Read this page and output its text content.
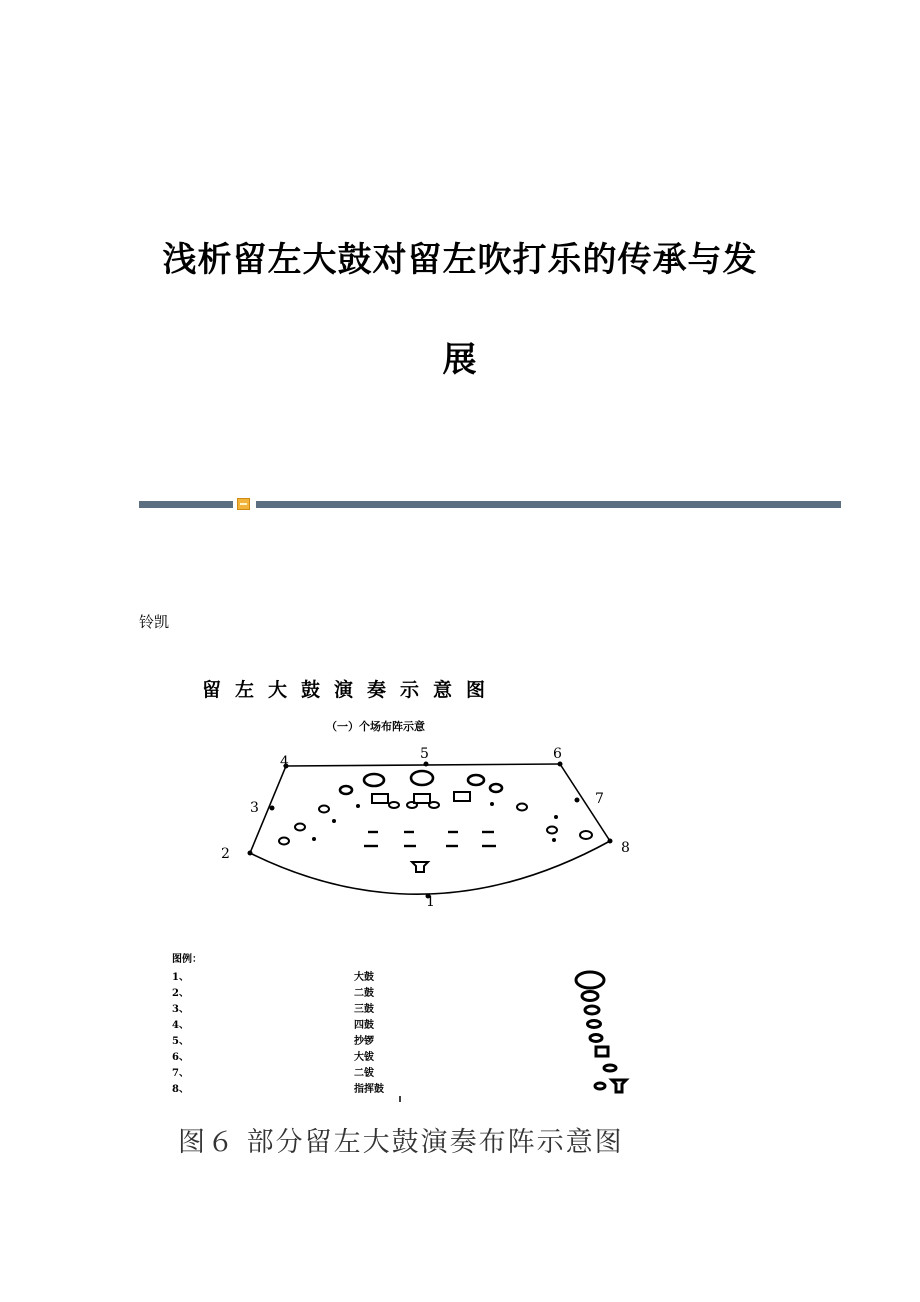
浅析留左大鼓对留左吹打乐的传承与发
展
铃凯
留左大鼓演奏示意图
（一）个场布阵示意
1
2
3
4	5	6
7
8
图例：
1、	大鼓
2、	二鼓
3、	三鼓
4、	四鼓
5、	抄锣
6、	大钹
7、	二钹
8、	指挥鼓
图６ 部分留左大鼓演奏布阵示意图
